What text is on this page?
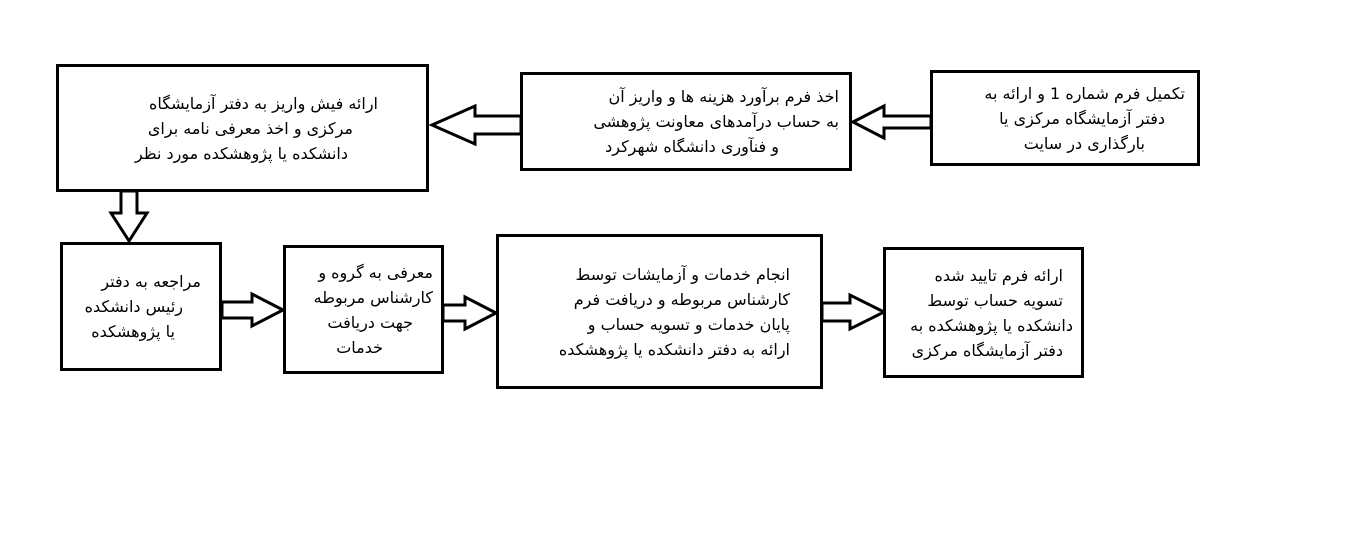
تکمیل فرم شماره 1 و ارائه به

دفتر آزمایشگاه مرکزی یا

بارگذاری در سایت

اخذ فرم برآورد هزینه ها و واریز آن

به حساب درآمدهای معاونت پژوهشی

و فنآوری دانشگاه شهرکرد

ارائه فیش واریز به دفتر آزمایشگاه

مرکزی و اخذ معرفی نامه برای

دانشکده یا پژوهشکده مورد نظر

مراجعه به دفتر

رئیس دانشکده

یا پژوهشکده

معرفی به گروه و

کارشناس مربوطه

جهت دریافت

خدمات

انجام خدمات و آزمایشات توسط

کارشناس مربوطه و دریافت فرم

پایان خدمات و تسویه حساب و

ارائه به دفتر دانشکده یا پژوهشکده

ارائه فرم تایید شده

تسویه حساب توسط

دانشکده یا پژوهشکده به

دفتر آزمایشگاه مرکزی
